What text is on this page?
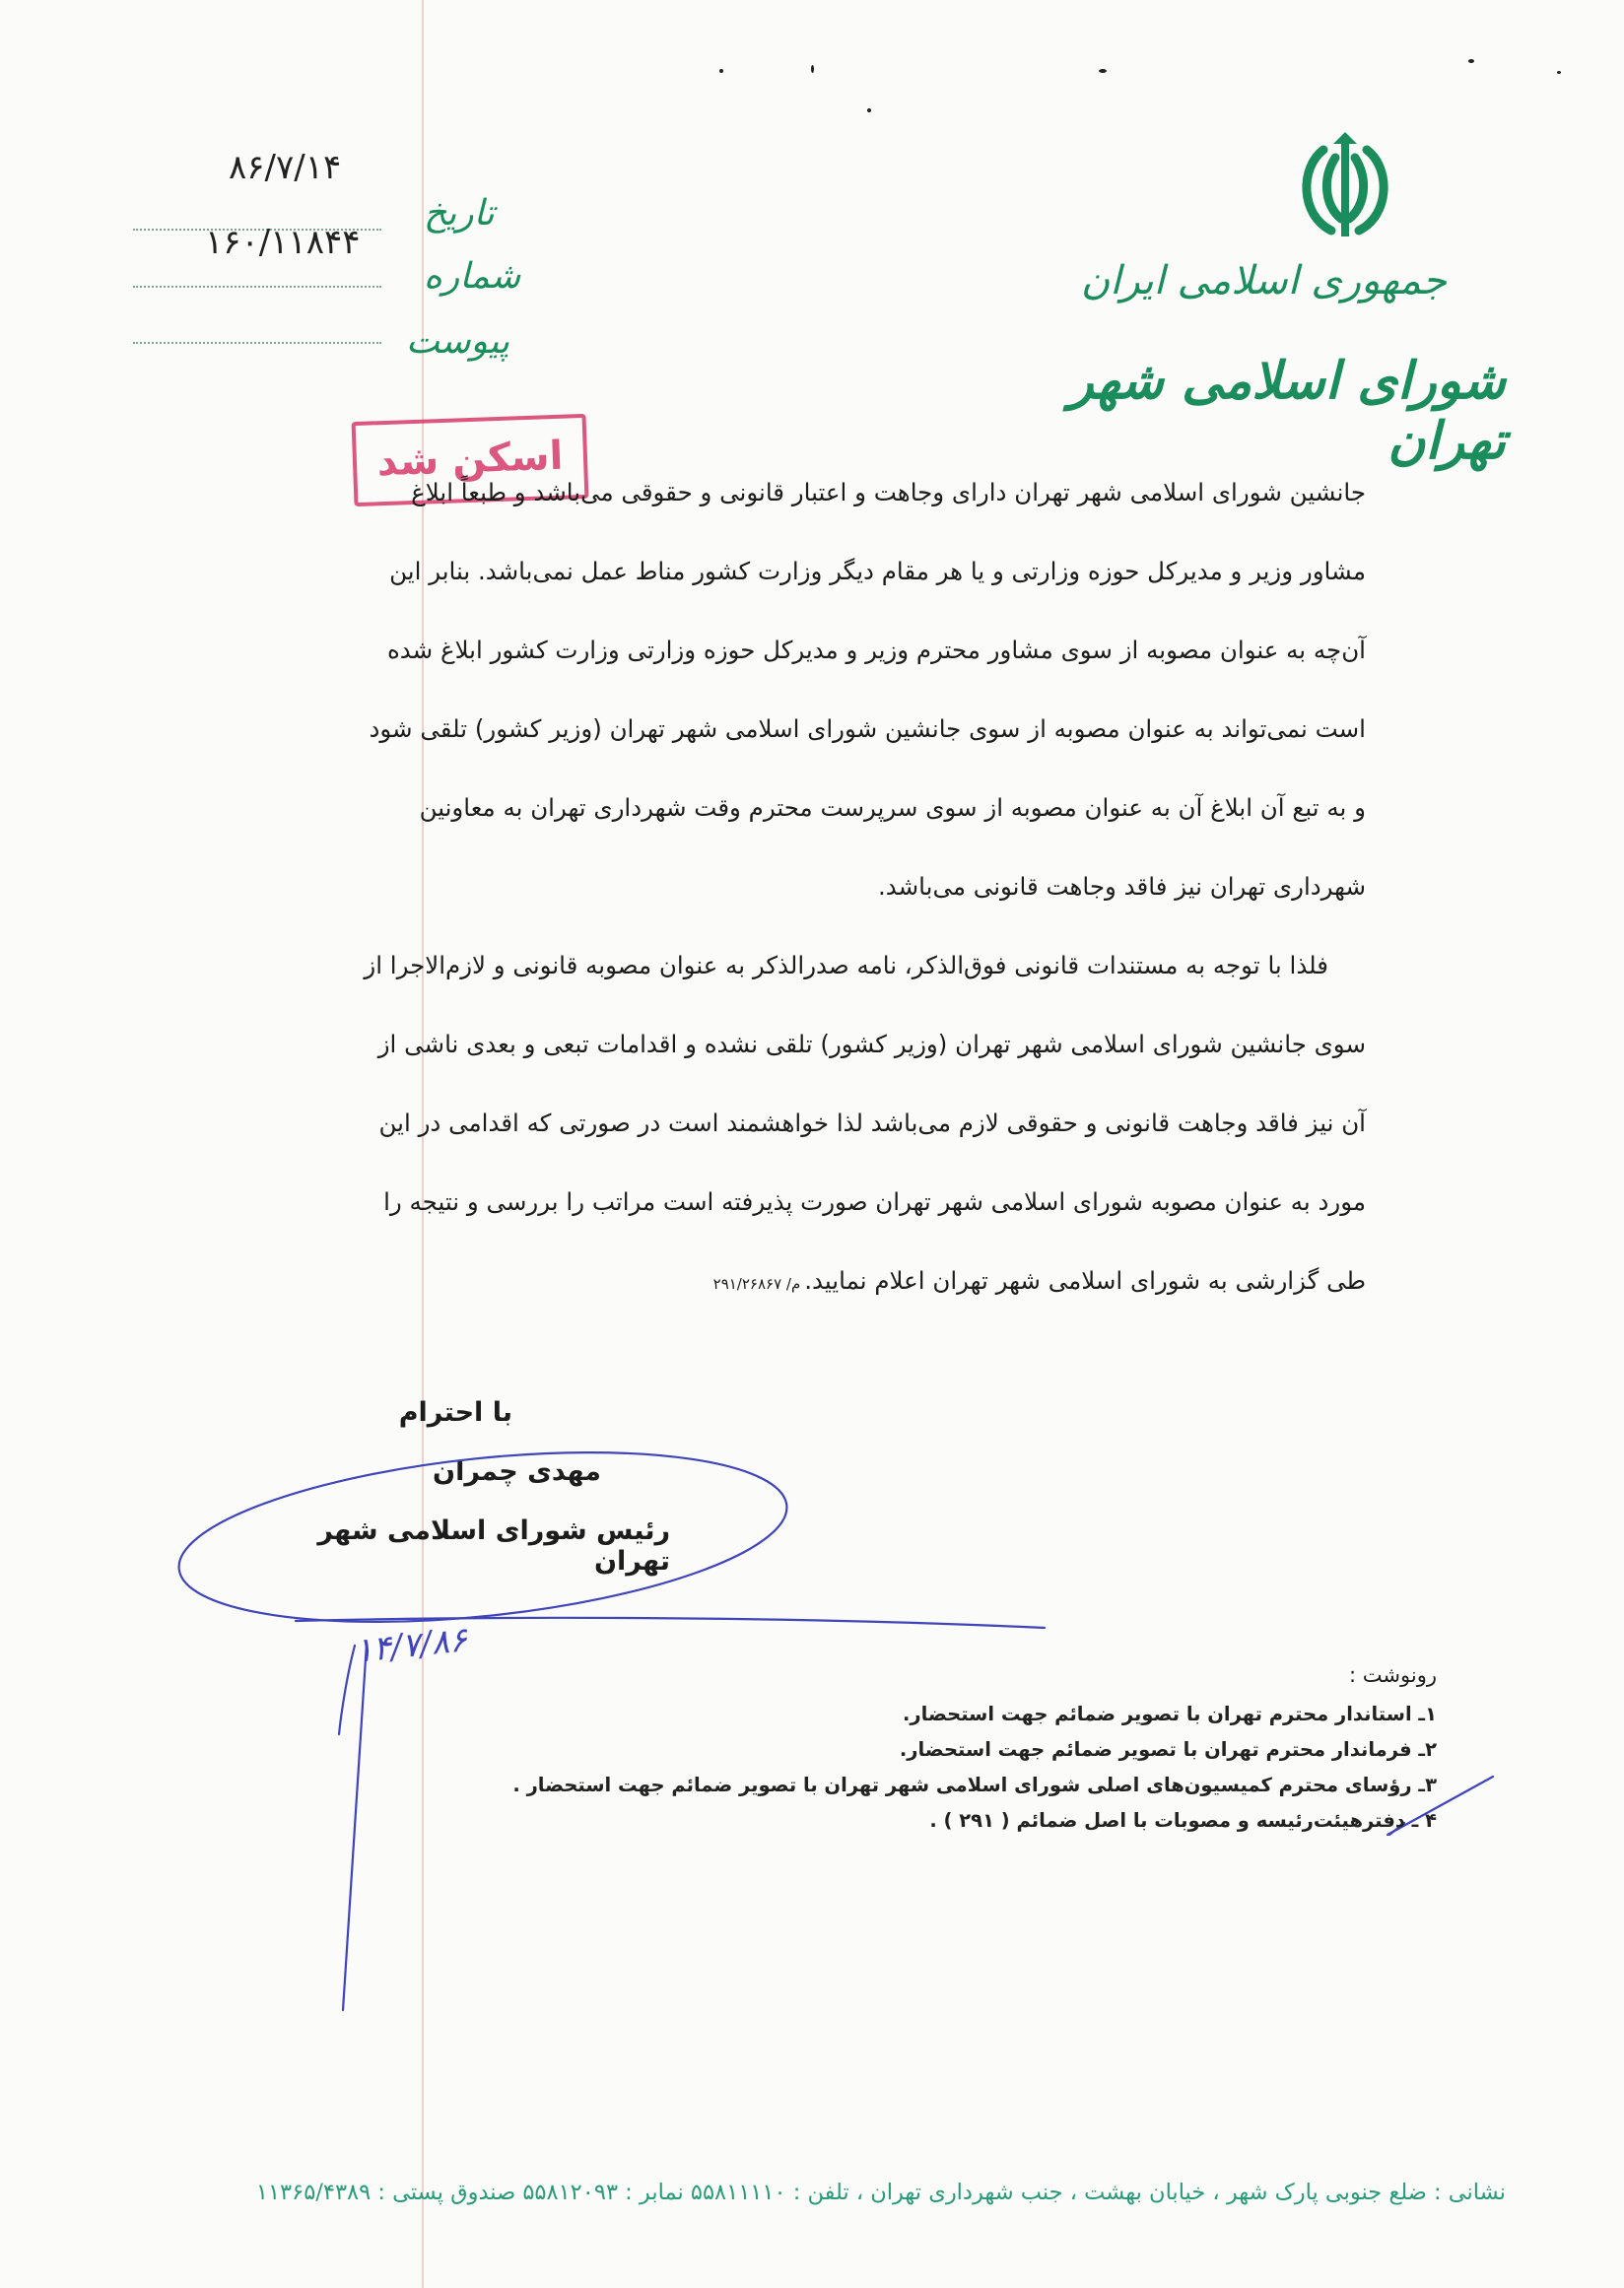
جمهوری اسلامی ایران
شورای اسلامی شهر تهران
۸۶/۷/۱۴
تاریخ
۱۶۰/۱۱۸۴۴
شماره
پیوست
اسکن شد
جانشین شورای اسلامی شهر تهران دارای وجاهت و اعتبار قانونی و حقوقی می‌باشد و طبعاً ابلاغ
مشاور وزیر و مدیرکل حوزه وزارتی و یا هر مقام دیگر وزارت کشور مناط عمل نمی‌باشد. بنابر این
آن‌چه به عنوان مصوبه از سوی مشاور محترم وزیر و مدیرکل حوزه وزارتی وزارت کشور ابلاغ شده
است نمی‌تواند به عنوان مصوبه از سوی جانشین شورای اسلامی شهر تهران (وزیر کشور) تلقی شود
و به تبع آن ابلاغ آن به عنوان مصوبه از سوی سرپرست محترم وقت شهرداری تهران به معاونین
شهرداری تهران نیز فاقد وجاهت قانونی می‌باشد.
فلذا با توجه به مستندات قانونی فوق‌الذکر، نامه صدرالذکر به عنوان مصوبه قانونی و لازم‌الاجرا از
سوی جانشین شورای اسلامی شهر تهران (وزیر کشور) تلقی نشده و اقدامات تبعی و بعدی ناشی از
آن نیز فاقد وجاهت قانونی و حقوقی لازم می‌باشد لذا خواهشمند است در صورتی که اقدامی در این
مورد به عنوان مصوبه شورای اسلامی شهر تهران صورت پذیرفته است مراتب را بررسی و نتیجه را
طی گزارشی به شورای اسلامی شهر تهران اعلام نمایید.م/ ۲۹۱/۲۶۸۶۷
با احترام
مهدی چمران
رئیس شورای اسلامی شهر تهران
۱۴/۷/۸۶
رونوشت :
۱ـ استاندار محترم تهران با تصویر ضمائم جهت استحضار.
۲ـ فرماندار محترم تهران با تصویر ضمائم جهت استحضار.
۳ـ رؤسای محترم کمیسیون‌های اصلی شورای اسلامی شهر تهران با تصویر ضمائم جهت استحضار .
۴ ـ دفترهیئت‌رئیسه و مصوبات با اصل ضمائم ( ۲۹۱ ) .
نشانی : ضلع جنوبی پارک شهر ، خیابان بهشت ، جنب شهرداری تهران ، تلفن : ۵۵۸۱۱۱۱۰ نمابر : ۵۵۸۱۲۰۹۳ صندوق پستی : ۱۱۳۶۵/۴۳۸۹
